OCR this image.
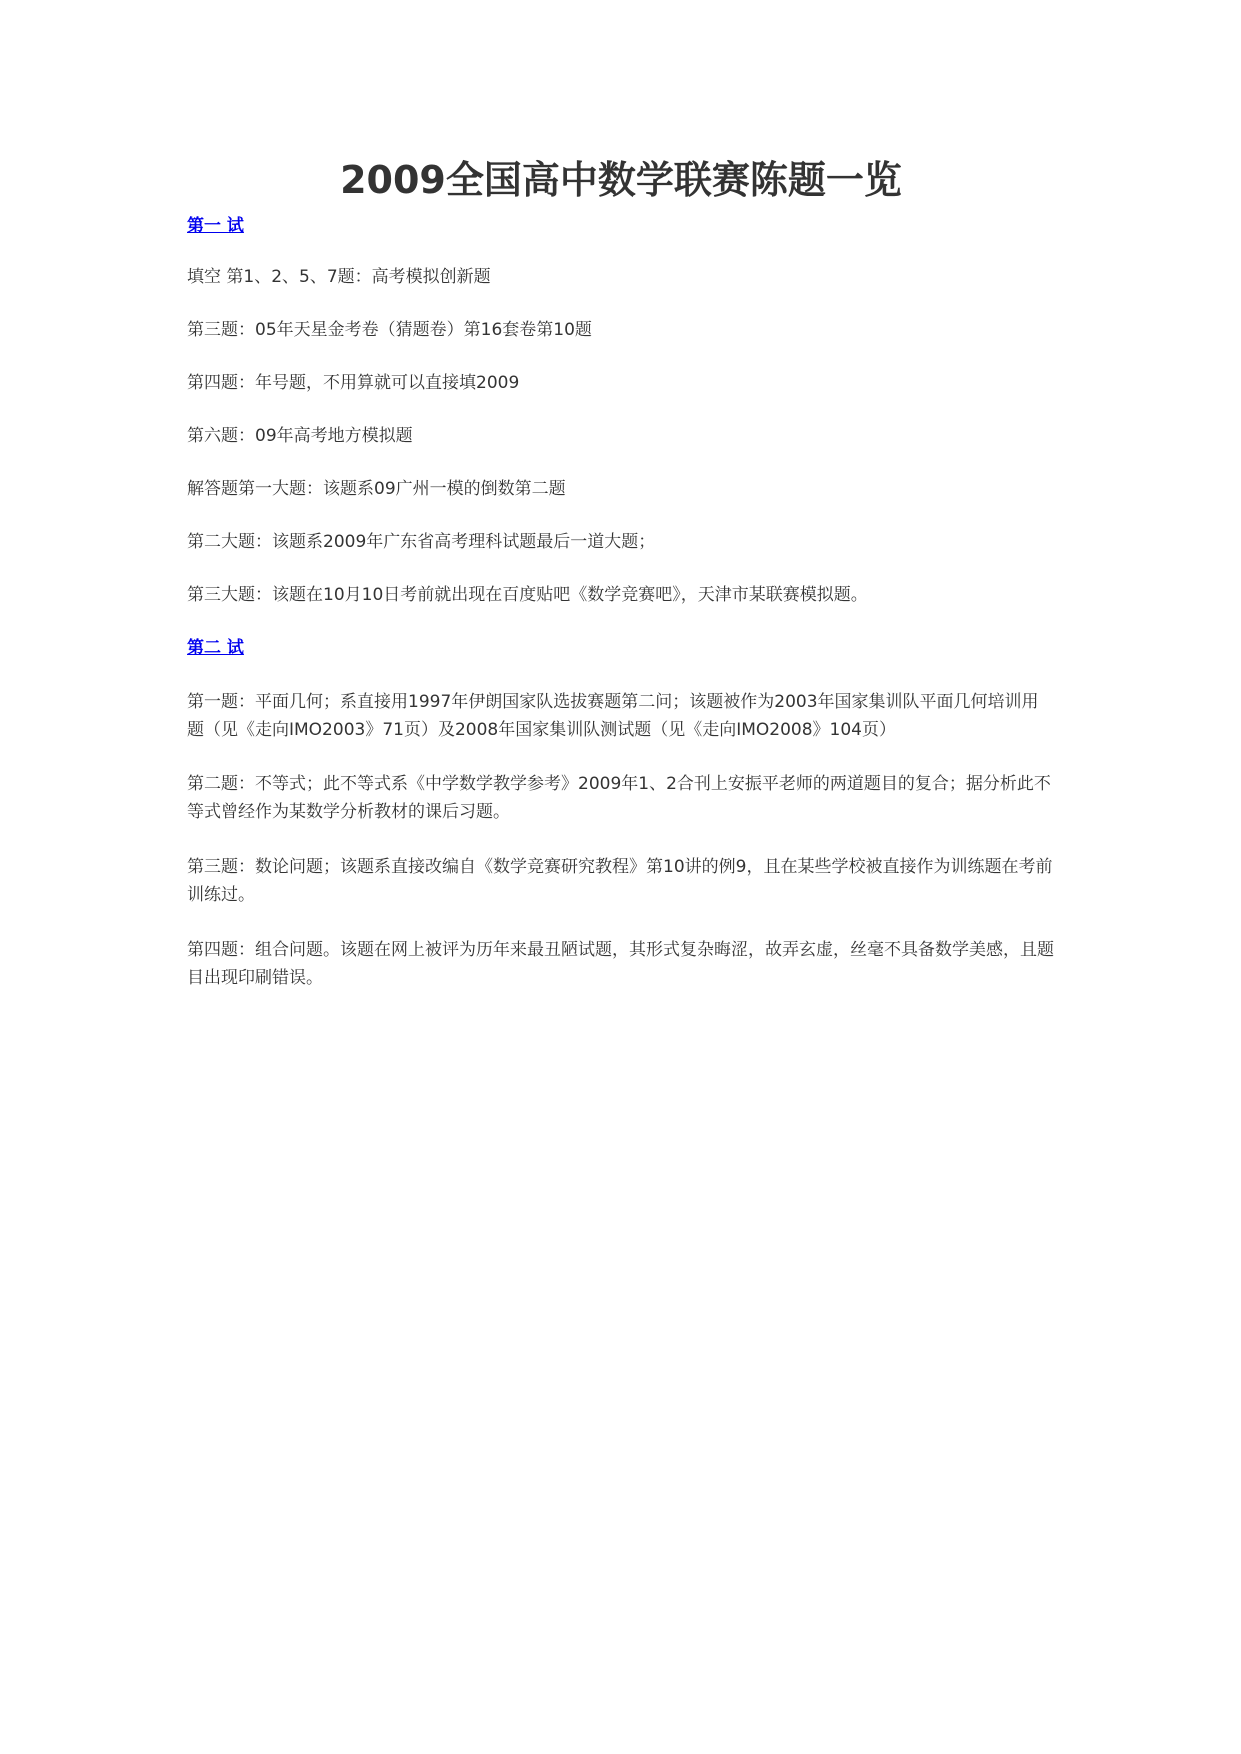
2009全国高中数学联赛陈题一览
第一 试

填空 第1、2、5、7题：高考模拟创新题

第三题：05年天星金考卷（猜题卷）第16套卷第10题

第四题：年号题，不用算就可以直接填2009

第六题：09年高考地方模拟题

解答题第一大题：该题系09广州一模的倒数第二题

第二大题：该题系2009年广东省高考理科试题最后一道大题；

第三大题：该题在10月10日考前就出现在百度贴吧《数学竞赛吧》，天津市某联赛模拟题。

第二 试

第一题：平面几何；系直接用1997年伊朗国家队选拔赛题第二问；该题被作为2003年国家集训队平面几何培训用题（见《走向IMO2003》71页）及2008年国家集训队测试题（见《走向IMO2008》104页）

第二题：不等式；此不等式系《中学数学教学参考》2009年1、2合刊上安振平老师的两道题目的复合；据分析此不等式曾经作为某数学分析教材的课后习题。

第三题：数论问题；该题系直接改编自《数学竞赛研究教程》第10讲的例9，且在某些学校被直接作为训练题在考前训练过。

第四题：组合问题。该题在网上被评为历年来最丑陋试题，其形式复杂晦涩，故弄玄虚，丝毫不具备数学美感，且题目出现印刷错误。
